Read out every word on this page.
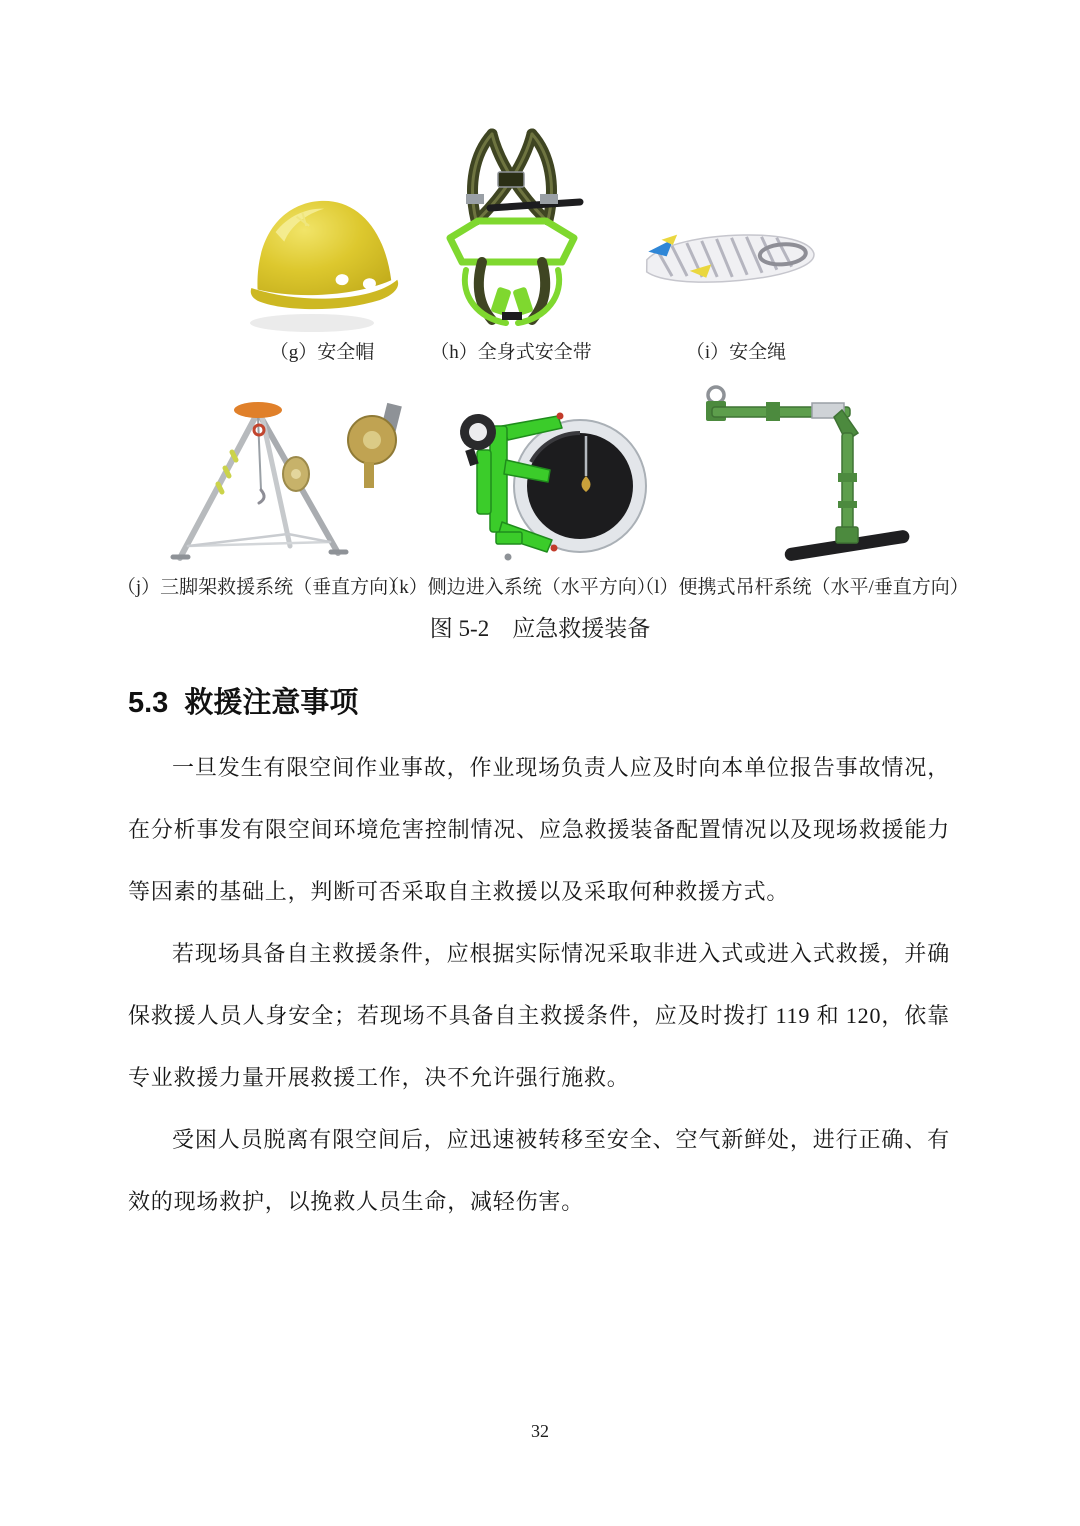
（g）安全帽	（h）全身式安全带	（i）安全绳
（j）三脚架救援系统（垂直方向）
（k）侧边进入系统（水平方向）
（l）便携式吊杆系统（水平/垂直方向）
图 5-2　应急救援装备
5.3  救援注意事项

一旦发生有限空间作业事故，作业现场负责人应及时向本单位报告事故情况，在分析事发有限空间环境危害控制情况、应急救援装备配置情况以及现场救援能力等因素的基础上，判断可否采取自主救援以及采取何种救援方式。

若现场具备自主救援条件，应根据实际情况采取非进入式或进入式救援，并确保救援人员人身安全；若现场不具备自主救援条件，应及时拨打 119 和 120，依靠专业救援力量开展救援工作，决不允许强行施救。

受困人员脱离有限空间后，应迅速被转移至安全、空气新鲜处，进行正确、有效的现场救护，以挽救人员生命，减轻伤害。

32
